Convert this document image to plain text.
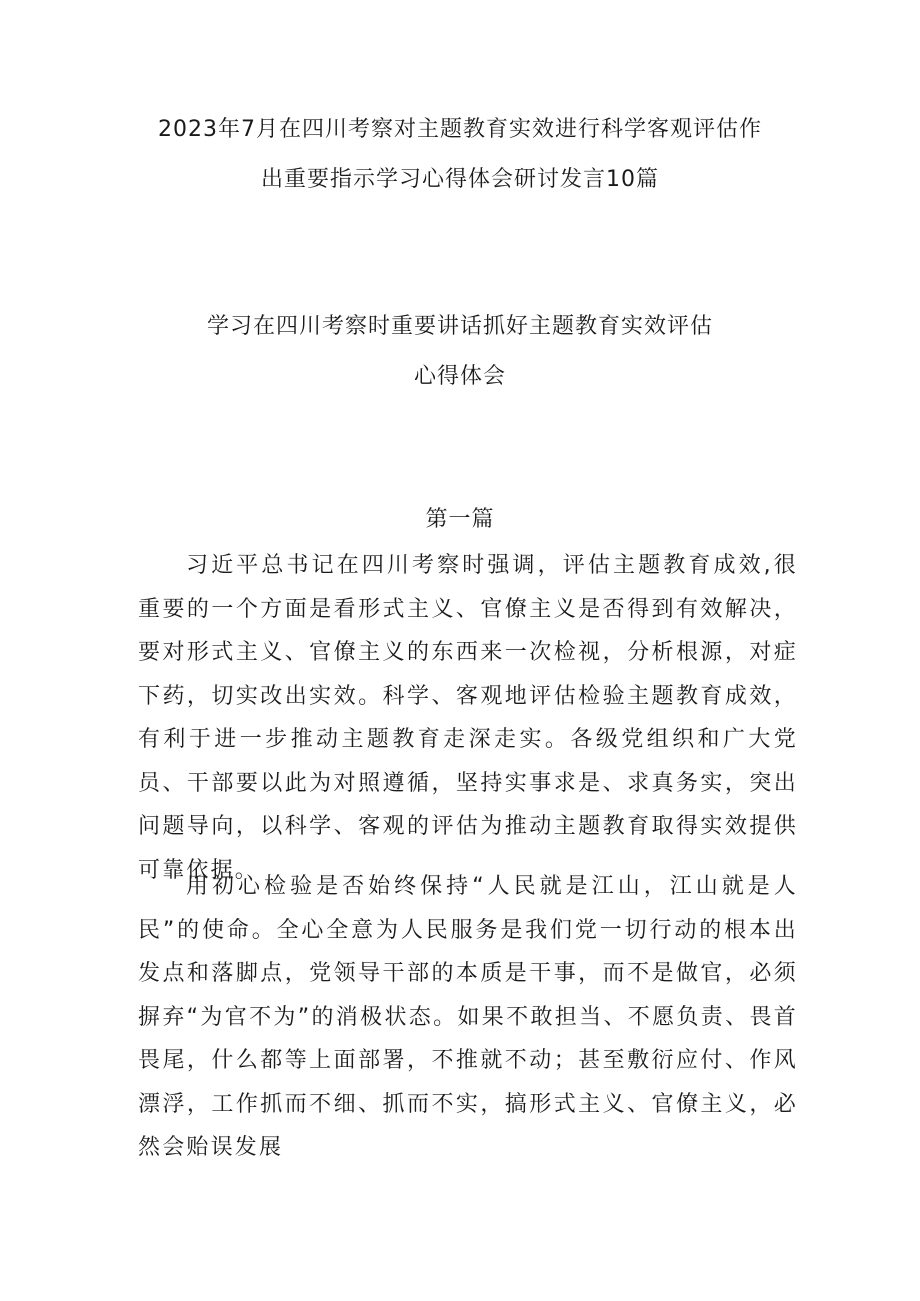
2023年7月在四川考察对主题教育实效进行科学客观评估作
出重要指示学习心得体会研讨发言10篇
学习在四川考察时重要讲话抓好主题教育实效评估
心得体会
第一篇

习近平总书记在四川考察时强调，评估主题教育成效,很重要的一个方面是看形式主义、官僚主义是否得到有效解决，要对形式主义、官僚主义的东西来一次检视，分析根源，对症下药，切实改出实效。科学、客观地评估检验主题教育成效，有利于进一步推动主题教育走深走实。各级党组织和广大党员、干部要以此为对照遵循，坚持实事求是、求真务实，突出问题导向，以科学、客观的评估为推动主题教育取得实效提供可靠依据。

用初心检验是否始终保持“人民就是江山，江山就是人民”的使命。全心全意为人民服务是我们党一切行动的根本出发点和落脚点，党领导干部的本质是干事，而不是做官，必须摒弃“为官不为”的消极状态。如果不敢担当、不愿负责、畏首畏尾，什么都等上面部署，不推就不动；甚至敷衍应付、作风漂浮，工作抓而不细、抓而不实，搞形式主义、官僚主义，必然会贻误发展
